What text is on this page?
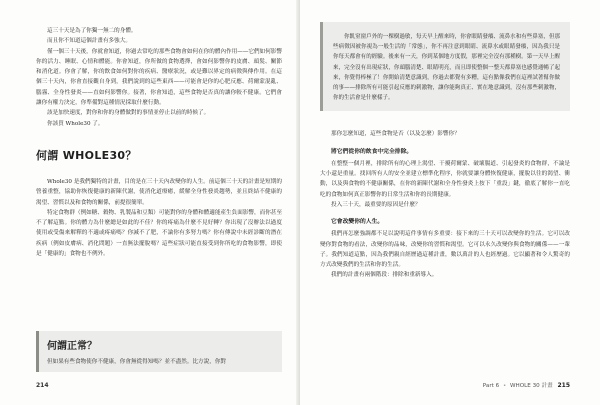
這三十天是為了你獨一無二的身體。

而且你不知道這個計畫有多強大。

僅一個三十天後，你就會知道，你過去常吃的那些食物會如何在你的體內作用——它們如何影響你的活力、睡眠、心情和體能。你會知道，你所做的食物選擇，會如何影響你的皮膚、頭髮、關節和消化道。你會了解，你的飲食如何對你的疾病、醫療狀況，或是難以界定的病徵與傳作用。在這個三十天內，你會直接觀自身到，我們說到的這些東西——可能會是你的心肥反應、荷爾蒙混亂、腦霧、全身性發炎——直如何影響你。接著，你會知道，這些食物是否真的讓你較不健康。它們會讓你有權力決定，你準備對這種情況採取什麼行動。

該是加快速度，對你和你的身體做對的事情並停止以前的時候了。

你該買 Whole30 了。

何謂 WHOLE30？

Whole30 是我們獨特的計畫，目的是在三十天內改變你的人生。前這個三十天的計畫是短期的營養重整，協助你恢復健康的新陳代謝，使消化道療癒，緩解全身性發炎趨勢，並且終結不健康的渴望、習慣以及和食物的關係，前提很簡單。

特定食物群（例如糖、穀物、乳製品和豆類）可能對你的身體和體適能產生負面影響，而你甚至不了解這點。你的體力為什麼總是如此的不佳？你的疼痛為什麼不見好轉？你出現了沒辦法以過度使用或受傷來解釋的不適或疼痛嗎？你減不了肥，不論你有多努力嗎？你有傳說中未經診斷的潛在疾病（例如皮膚病、消化問題）一直無法擺脫嗎？這些症狀可能直接受到你所吃的食物影響，即使是「健康的」食物也不例外。

何謂正常？

但如果有些食物使你不健康，你會無從得知嗎？並不盡然。比方說，你對

214

你飢窒窗戶外的一棵樹過敏，每天早上醒來時，你會眼睛發癢、流鼻水和有些鼻塞，但那些病徵因被你視為一般生活的「常態」，你不再注意到眼睛、流鼻水或眼睛發癢，因為我只是你每天都會有的經驗。後來有一天，你到某個地方度假，那裡完全沒有那種樹。第一天早上醒來，完全沒有出現症狀，你頭腦清楚、眼睛明亮，而且即使整個一整天都鼻塞也感覺通暢了起來，你覺得棒極了！你開始清楚意識到，你過去都覺有多糟，這有點像我們在這裡試著幫你做的事——排除所有可能引起反應的刺激物，讓你能夠真正、實在地意識到，沒有那些刺激物，你的生活會是什麼樣子。

那你怎麼知道，這些食物是否（以及怎麼）影響你？

將它們從你的飲食中完全排除。

在整整一個月裡，排除所有的心理上渴望、干擾荷爾蒙、破壞腸道、引起發炎的食物群，不論是大小還是重量。找回所有人的安全並建立標準化程序，你就要讓身體恢復健康，擺脫以往的渴望、衝動，以及與食物的不健康關係，在你的新陳代謝和全身性發炎上按下「重設」鍵，徹底了解你一直吃吃的食物如何真正影響你的日常生活和你的長期健康。

投入三十天，最重要的原因是什麼？

它會改變你的人生。

我們再怎麼強調都不足以說明這件事情有多重要：接下來的三十天可以改變你的生活。它可以改變你對食物的看法，改變你的品味，改變你的習慣和渴望。它可以永久改變你與食物的關係——一輩子。我們知道這點，因為我們親自經歷過這種計畫，數以萬計的人也經歷過。它以顯著和令人驚奇的方式改變我們的生活和你的生活。

我們的計畫有兩個階段：排除和重新導入。

Part 6 • WHOLE 30 計畫 215
